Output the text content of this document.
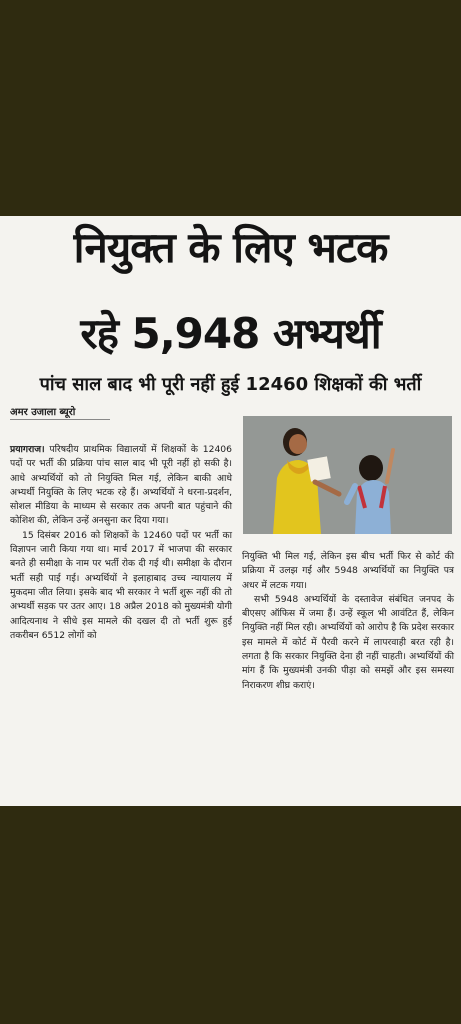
नियुक्त के लिए भटक
रहे 5,948 अभ्यर्थी
पांच साल बाद भी पूरी नहीं हुई 12460 शिक्षकों की भर्ती
अमर उजाला ब्यूरो

प्रयागराज। परिषदीय प्राथमिक विद्यालयों में शिक्षकों के 12406 पदों पर भर्ती की प्रक्रिया पांच साल बाद भी पूरी नहीं हो सकी है। आधे अभ्यर्थियों को तो नियुक्ति मिल गई, लेकिन बाकी आधे अभ्यर्थी नियुक्ति के लिए भटक रहे हैं। अभ्यर्थियों ने धरना-प्रदर्शन, सोशल मीडिया के माध्यम से सरकार तक अपनी बात पहुंचाने की कोशिश की, लेकिन उन्हें अनसुना कर दिया गया।

15 दिसंबर 2016 को शिक्षकों के 12460 पदों पर भर्ती का विज्ञापन जारी किया गया था। मार्च 2017 में भाजपा की सरकार बनते ही समीक्षा के नाम पर भर्ती रोक दी गई थी। समीक्षा के दौरान भर्ती सही पाई गई। अभ्यर्थियों ने इलाहाबाद उच्च न्यायालय में मुकदमा जीत लिया। इसके बाद भी सरकार ने भर्ती शुरू नहीं की तो अभ्यर्थी सड़क पर उतर आए। 18 अप्रैल 2018 को मुख्यमंत्री योगी आदित्यनाथ ने सीधे इस मामले की दखल दी तो भर्ती शुरू हुई तकरीबन 6512 लोगों को

नियुक्ति भी मिल गई, लेकिन इस बीच भर्ती फिर से कोर्ट की प्रक्रिया में उलझ गई और 5948 अभ्यर्थियों का नियुक्ति पत्र अधर में लटक गया।

सभी 5948 अभ्यर्थियों के दस्तावेज संबंधित जनपद के बीएसए ऑफिस में जमा हैं। उन्हें स्कूल भी आवंटित हैं, लेकिन नियुक्ति नहीं मिल रही। अभ्यर्थियों को आरोप है कि प्रदेश सरकार इस मामले में कोर्ट में पैरवी करने में लापरवाही बरत रही है। लगता है कि सरकार नियुक्ति देना ही नहीं चाहती। अभ्यर्थियों की मांग हैं कि मुख्यमंत्री उनकी पीड़ा को समझें और इस समस्या निराकरण शीघ्र कराएं।
